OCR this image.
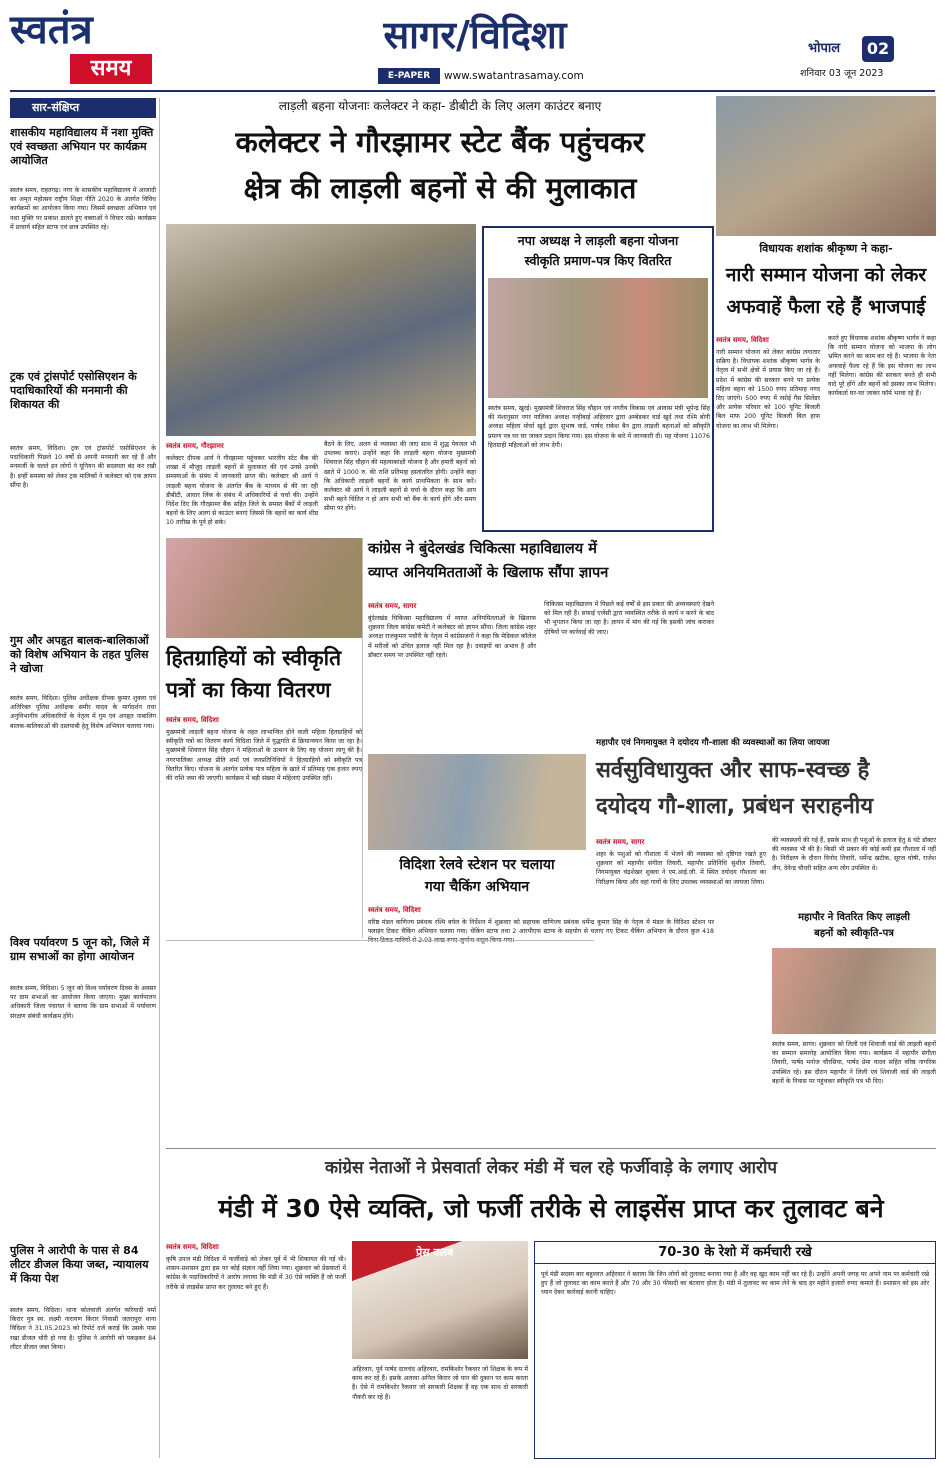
स्वतंत्र
समय
सागर/विदिशा
E-PAPER	www.swatantrasamay.com
भोपाल	02
शनिवार 03 जून 2023
सार-संक्षिप्त
शासकीय महाविद्यालय में नशा मुक्ति एवं स्वच्छता अभियान पर कार्यक्रम आयोजित
स्वतंत्र समय, राहतगढ़। नगर के शासकीय महाविद्यालय में आजादी का अमृत महोत्सव राष्ट्रीय शिक्षा नीति 2020 के अंतर्गत विविध कार्यक्रमों का आयोजन किया गया। जिसमें स्वच्छता अभियान एवं नशा मुक्ति पर प्रकाश डालते हुए वक्ताओं ने विचार रखे। कार्यक्रम में प्राचार्य सहित स्टाफ एवं छात्र उपस्थित रहे।
ट्रक एवं ट्रांसपोर्ट एसोसिएशन के पदाधिकारियों की मनमानी की शिकायत की
स्वतंत्र समय, विदिशा। ट्रक एवं ट्रांसपोर्ट एसोसिएशन के पदाधिकारी पिछले 10 वर्षों से अपनी मनमानी कर रहे हैं और मनमर्जी के चलते इन लोगों ने यूनियन की सदस्यता बंद कर रखी है। इन्हीं समस्या को लेकर ट्रक मालिकों ने कलेक्टर को एक ज्ञापन सौंपा है।
गुम और अपहृत बालक-बालिकाओं को विशेष अभियान के तहत पुलिस ने खोजा
स्वतंत्र समय, विदिशा। पुलिस अधीक्षक दीपक कुमार शुक्ला एवं अतिरिक्त पुलिस अधीक्षक समीर यादव के मार्गदर्शन तथा अनुविभागीय अधिकारियों के नेतृत्व में गुम एवं अपहृत नाबालिग बालक-बालिकाओं की दस्तयाबी हेतु विशेष अभियान चलाया गया।
विश्व पर्यावरण 5 जून को, जिले में ग्राम सभाओं का होगा आयोजन
स्वतंत्र समय, विदिशा। 5 जून को विश्व पर्यावरण दिवस के अवसर पर ग्राम सभाओं का आयोजन किया जाएगा। मुख्य कार्यपालन अधिकारी जिला पंचायत ने बताया कि ग्राम सभाओं में पर्यावरण संरक्षण संबंधी कार्यक्रम होंगे।
पुलिस ने आरोपी के पास से 84 लीटर डीजल किया जब्त, न्यायालय में किया पेश
स्वतंत्र समय, विदिशा। थाना कोतवाली अंतर्गत फरियादी वर्मा किरार पुत्र स्व. लक्ष्मी नारायण किरार निवासी जतरापुरा थाना विदिशा ने 31.05.2023 को रिपोर्ट दर्ज कराई कि उसके पास रखा डीजल चोरी हो गया है। पुलिस ने आरोपी को पकड़कर 84 लीटर डीजल जब्त किया।
लाड़ली बहना योजनाः कलेक्टर ने कहा- डीबीटी के लिए अलग काउंटर बनाए
कलेक्टर ने गौरझामर स्टेट बैंक पहुंचकर
क्षेत्र की लाड़ली बहनों से की मुलाकात
स्वतंत्र समय, गौरझामर
कलेक्टर दीपक आर्य ने गौरझामर पहुंचकर भारतीय स्टेट बैंक की शाखा में मौजूद लाड़ली बहनों से मुलाकात की एवं उनसे उनकी समस्याओं के संबंध में जानकारी प्राप्त की। कलेक्टर श्री आर्य ने लाड़ली बहना योजना के अंतर्गत बैंक के माध्यम से की जा रही डीबीटी, आधार लिंक के संबंध में अधिकारियों से चर्चा की। उन्होंने निर्देश दिए कि गौरझामर बैंक सहित जिले के समस्त बैंकों में लाड़ली बहनों के लिए अलग से काउंटर बनाएं जिससे कि बहनों का कार्य शीघ्र 10 तारीख के पूर्व हो सके।
बैठने के लिए, अलग से व्यवस्था की जाए साथ में शुद्ध पेयजल भी उपलब्ध कराएं। उन्होंने कहा कि लाड़ली बहना योजना मुख्यमंत्री शिवराज सिंह चौहान की महत्वाकांक्षी योजना है और हमारी बहनों को खाते में 1000 रु. की राशि प्रतिमाह हस्तांतरित होगी। उन्होंने कहा कि अधिकारी लाड़ली बहनों के कार्य प्राथमिकता के साथ करें। कलेक्टर श्री आर्य ने लाड़ली बहनों से चर्चा के दौरान कहा कि आप सभी बहने चिंतित न हो आप सभी को बैंक के कार्य होंगे और समय सीमा पर होंगे।
नपा अध्यक्ष ने लाड़ली बहना योजना
स्वीकृति प्रमाण-पत्र किए वितरित
स्वतंत्र समय, खुरई। मुख्यमंत्री शिवराज सिंह चौहान एवं नगरीय विकास एवं आवास मंत्री भूपेन्द्र सिंह की मंशानुसार नगर पालिका अध्यक्ष नन्हीबाई अहिरवार द्वारा अम्बेडकर वार्ड खुर्द तथा रश्मि बोनी अध्यक्ष महिला मोर्चा खुर्द द्वारा सुभाष वार्ड, पार्षद राकेश बैन द्वारा लाड़ली बहनाओं को स्वीकृति प्रमाण पत्र घर घर जाकर प्रदान किया गया। इस योजना के बारे में जानकारी दी। यह योजना 11076 हितग्राही महिलाओं को लाभ देगी।
विधायक शशांक श्रीकृष्ण ने कहा-
नारी सम्मान योजना को लेकर
अफवाहें फैला रहे हैं भाजपाई
स्वतंत्र समय, विदिशा
नारी सम्मान योजना को लेकर कांग्रेस लगातार सक्रिय है। विधायक शशांक श्रीकृष्ण भार्गव के नेतृत्व में सभी क्षेत्रों में प्रयास किए जा रहे हैं। प्रदेश में कांग्रेस की सरकार बनने पर प्रत्येक महिला बहना को 1500 रुपए प्रतिमाह नगद दिए जाएंगे। 500 रुपए में रसोई गैस सिलेंडर और प्रत्येक परिवार को 100 यूनिट बिजली बिल माफ 200 यूनिट बिजली बिल हाफ योजना का लाभ भी मिलेगा।
करते हुए विधायक शशांक श्रीकृष्ण भार्गव ने कहा कि नारी सम्मान योजना को भाजपा के लोग भ्रमित करने का काम कर रहे हैं। भाजपा के नेता अफवाहें फैला रहे हैं कि इस योजना का लाभ नहीं मिलेगा। कांग्रेस की सरकार बनते ही सभी वादे पूरे होंगे और बहनों को इसका लाभ मिलेगा। कार्यकर्ता घर-घर जाकर फॉर्म भरवा रहे हैं।
कांग्रेस ने बुंदेलखंड चिकित्सा महाविद्यालय में
व्याप्त अनियमितताओं के खिलाफ सौंपा ज्ञापन
स्वतंत्र समय, सागर
बुंदेलखंड चिकित्सा महाविद्यालय में व्याप्त अनियमितताओं के खिलाफ शुक्रवार जिला कांग्रेस कमेटी ने कलेक्टर को ज्ञापन सौंपा। जिला कांग्रेस शहर अध्यक्ष राजकुमार पचौरी के नेतृत्व में कांग्रेसजनों ने कहा कि मेडिकल कॉलेज में मरीजों को उचित इलाज नहीं मिल रहा है। दवाइयों का अभाव है और डॉक्टर समय पर उपस्थित नहीं रहते।
चिकित्सा महाविद्यालय में पिछले कई वर्षों से इस प्रकार की अव्यवस्थाएं देखने को मिल रही हैं। सफाई एजेंसी द्वारा व्यवस्थित तरीके से कार्य न करने के बाद भी भुगतान किया जा रहा है। ज्ञापन में मांग की गई कि इसकी जांच कराकर दोषियों पर कार्रवाई की जाए।
हितग्राहियों को स्वीकृति
पत्रों का किया वितरण
स्वतंत्र समय, विदिशा
मुख्यमंत्री लाड़ली बहना योजना के तहत लाभान्वित होने वाली महिला हितग्राहियों को स्वीकृति पत्रों का वितरण कार्य विदिशा जिले में युद्धगति से क्रियान्वयन किया जा रहा है। मुख्यमंत्री शिवराज सिंह चौहान ने महिलाओं के उत्थान के लिए यह योजना लागू की है। नगरपालिका अध्यक्ष प्रीति शर्मा एवं जनप्रतिनिधियों ने हितग्राहियों को स्वीकृति पत्र वितरित किए। योजना के अंतर्गत प्रत्येक पात्र महिला के खाते में प्रतिमाह एक हजार रुपए की राशि जमा की जाएगी। कार्यक्रम में बड़ी संख्या में महिलाएं उपस्थित रहीं।
विदिशा रेलवे स्टेशन पर चलाया
गया चैकिंग अभियान
स्वतंत्र समय, विदिशा
वरिष्ठ मंडल वाणिज्य प्रबंधक रश्मि बघेल के निर्देशन में शुक्रवार को सहायक वाणिज्य प्रबंधक धर्मेन्द्र कुमार सिंह के नेतृत्व में मंडल के विदिशा स्टेशन पर फ्लाइंग टिकट चैकिंग अभियान चलाया गया। चेकिंग स्टाफ तथा 2 आरपीएफ स्टाफ के सहयोग से चलाए गए टिकट चैकिंग अभियान के दौरान कुल 418
महापौर एवं निगमायुक्त ने दयोदय गौ-शाला की व्यवस्थाओं का लिया जायजा
सर्वसुविधायुक्त और साफ-स्वच्छ है
दयोदय गौ-शाला, प्रबंधन सराहनीय
स्वतंत्र समय, सागर
शहर के पशुओं को गौशाला में भेजने की व्यवस्था को दृष्टिगत रखते हुए शुक्रवार को महापौर संगीता तिवारी, महापौर प्रतिनिधि सुशील तिवारी, निगमायुक्त चंद्रशेखर शुक्ला ने एम.आई.जी. में स्थित दयोदय गौशाला का निरीक्षण किया और वहां गायों के लिए उपलब्ध व्यवस्थाओं का जायजा लिया।
की व्यवस्थायें की गई हैं, इसके साथ ही पशुओं के इलाज हेतु 8 घंटे डॉक्टर की व्यवस्था भी की है। किसी भी प्रकार की कोई कमी इस गौशाला में नहीं है। निरीक्षण के दौरान विनोद तिवारी, धर्मेन्द्र खटीक, सूरज घोषी, राजेश जैन, देवेन्द्र चौधरी सहित अन्य लोग उपस्थित थे।
महापौर ने वितरित किए लाड़ली
बहनों को स्वीकृति-पत्र
स्वतंत्र समय, सागर। शुक्रवार को लिली एवं शिवाजी वार्ड की लाड़ली बहनों का सम्मान समारोह आयोजित किया गया। कार्यक्रम में महापौर संगीता तिवारी, पार्षद मनोज चौरसिया, पार्षद प्रेमा यादव सहित वरिष्ठ नागरिक उपस्थित रहे। इस दौरान महापौर ने लिली एवं शिवाजी वार्ड की लाड़ली बहनों के निवास पर पहुंचकर स्वीकृति पत्र भी दिए।
कांग्रेस नेताओं ने प्रेसवार्ता लेकर मंडी में चल रहे फर्जीवाड़े के लगाए आरोप
मंडी में 30 ऐसे व्यक्ति, जो फर्जी तरीके से लाइसेंस प्राप्त कर तुलावट बने
स्वतंत्र समय, विदिशा
कृषि उपज मंडी विदिशा में फर्जीवाड़े को लेकर पूर्व में भी शिकायत की गई थी। शासन-प्रशासन द्वारा इस पर कोई संज्ञान नहीं लिया गया। शुक्रवार को प्रेसवार्ता में कांग्रेस के पदाधिकारियों ने आरोप लगाया कि मंडी में 30 ऐसे व्यक्ति हैं जो फर्जी तरीके से लाइसेंस प्राप्त कर तुलावट बने हुए हैं।
प्रेस क्लब
अहिरवार, पूर्व पार्षद दालचंद अहिरवार, रामकिशोर रैकवार जो शिक्षक के रूप में काम कर रहे हैं। इसके अलावा अनिल किरार जो पान की दुकान पर काम करता है। ऐसे में रामकिशोर रैकवार जो सरकारी शिक्षक हैं वह एक साथ दो सरकारी नौकरी कर रहे हैं।
70-30 के रेशो में कर्मचारी रखे
पूर्व मंडी सदस्य बार बहुल्लत अहिरवार ने बताया कि जिन लोगों को तुलावट बनाया गया है और वह खुद काम नहीं कर रहे हैं। उन्होंने अपनी जगह पर अपने नाम पर कर्मचारी रखे हुए हैं जो तुलावट का काम करते हैं और 70 और 30 फीसदी का बंटवारा होता है। मंडी में तुलावट का काम लेने के बाद हर महीने हजारों रुपए कमाते हैं। प्रशासन को इस ओर ध्यान देकर कार्रवाई करनी चाहिए।
